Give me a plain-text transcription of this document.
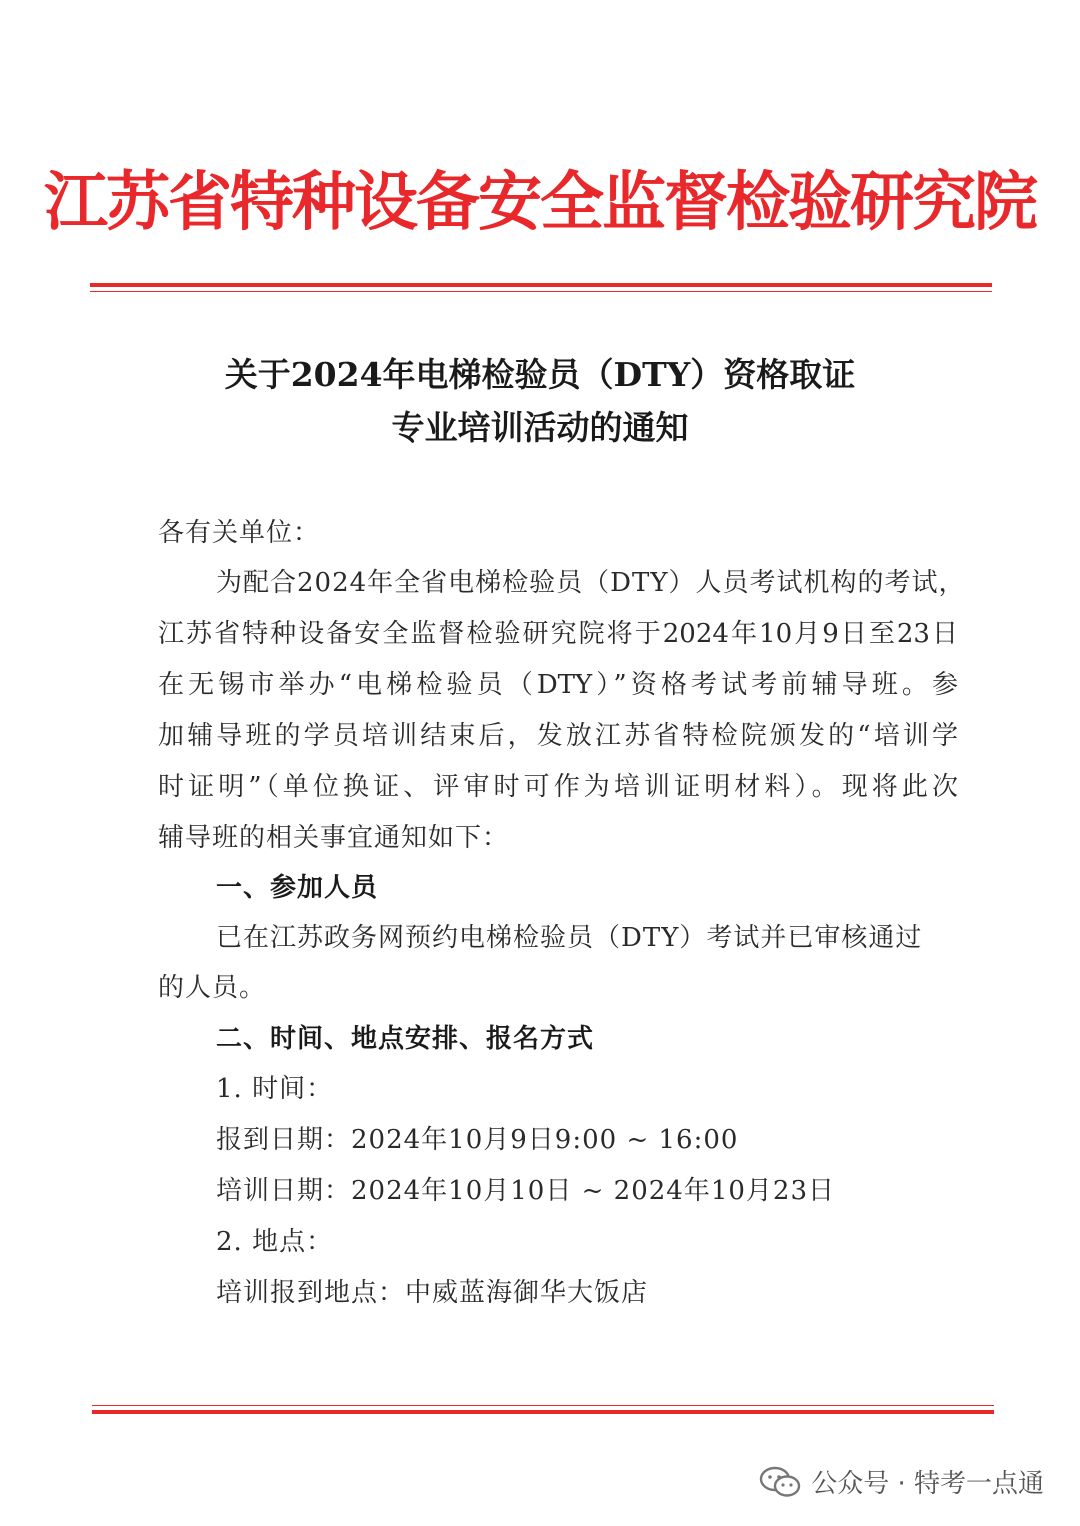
江苏省特种设备安全监督检验研究院
关于2024年电梯检验员（DTY）资格取证
专业培训活动的通知
各有关单位：
为配合2024年全省电梯检验员（DTY）人员考试机构的考试，
江苏省特种设备安全监督检验研究院将于2024年10月9日至23日
在无锡市举办“电梯检验员（DTY）”资格考试考前辅导班。参
加辅导班的学员培训结束后，发放江苏省特检院颁发的“培训学
时证明”（单位换证、评审时可作为培训证明材料）。现将此次
辅导班的相关事宜通知如下：
一、参加人员
已在江苏政务网预约电梯检验员（DTY）考试并已审核通过
的人员。
二、时间、地点安排、报名方式
1. 时间：
报到日期：2024年10月9日9:00 ~ 16:00
培训日期：2024年10月10日 ~ 2024年10月23日
2. 地点：
培训报到地点：中威蓝海御华大饭店
公众号 · 特考一点通
